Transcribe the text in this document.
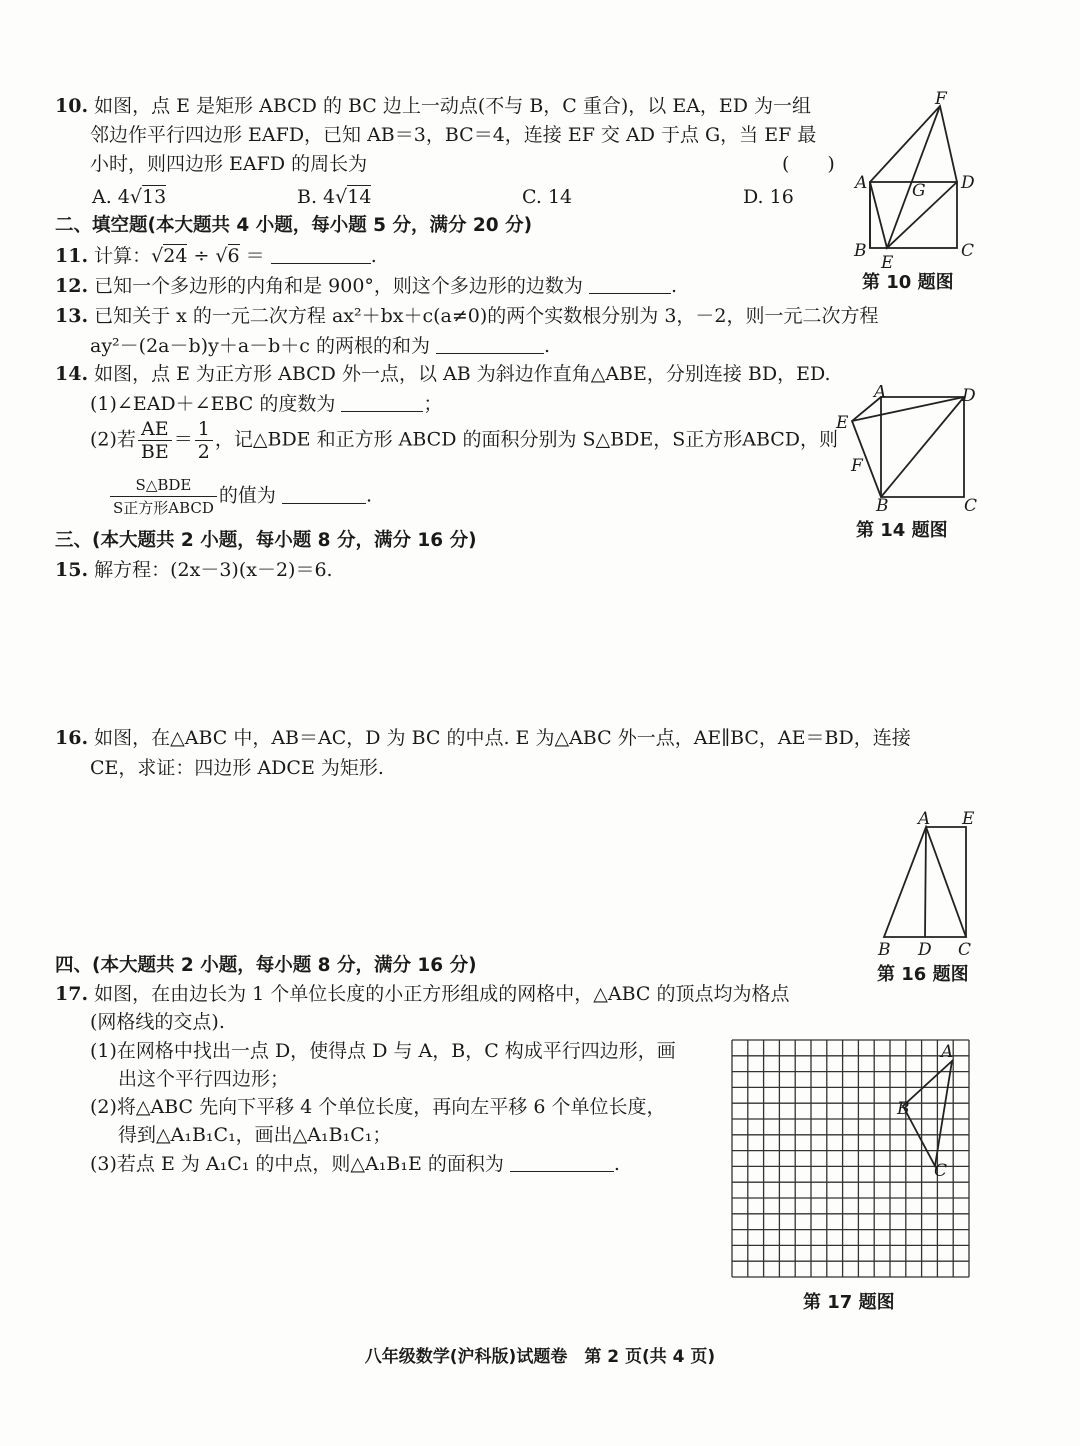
10. 如图，点 E 是矩形 ABCD 的 BC 边上一动点(不与 B，C 重合)，以 EA，ED 为一组
邻边作平行四边形 EAFD，已知 AB＝3，BC＝4，连接 EF 交 AD 于点 G，当 EF 最
小时，则四边形 EAFD 的周长为	(　　)
A. 4√13	B. 4√14	C. 14	D. 16
F
A	D
G
B
E
C
第 10 题图
二、填空题(本大题共 4 小题，每小题 5 分，满分 20 分)
11. 计算：√24 ÷ √6 ＝	.
12. 已知一个多边形的内角和是 900°，则这个多边形的边数为	.
13. 已知关于 x 的一元二次方程 ax²＋bx＋c(a≠0)的两个实数根分别为 3，－2，则一元二次方程
ay²－(2a－b)y＋a－b＋c 的两根的和为	.
14. 如图，点 E 为正方形 ABCD 外一点，以 AB 为斜边作直角△ABE，分别连接 BD，ED.
(1)∠EAD＋∠EBC 的度数为	；
(2)若 $\frac{AE}{BE} = \frac{1}{2}$ ，记△BDE 和正方形 ABCD 的面积分别为 S△BDE，S正方形ABCD，则
$\frac{\text{S△BDE}}{\text{S正方形ABCD}}$ 的值为	.
A	D
E
F
B	C
第 14 题图
三、(本大题共 2 小题，每小题 8 分，满分 16 分)
15. 解方程：(2x－3)(x－2)＝6.
16. 如图，在△ABC 中，AB＝AC，D 为 BC 的中点. E 为△ABC 外一点，AE∥BC，AE＝BD，连接
CE，求证：四边形 ADCE 为矩形.
A E
B D C
第 16 题图
四、(本大题共 2 小题，每小题 8 分，满分 16 分)
17. 如图，在由边长为 1 个单位长度的小正方形组成的网格中，△ABC 的顶点均为格点
(网格线的交点).
(1)在网格中找出一点 D，使得点 D 与 A，B，C 构成平行四边形，画
出这个平行四边形；
(2)将△ABC 先向下平移 4 个单位长度，再向左平移 6 个单位长度，
得到△A₁B₁C₁，画出△A₁B₁C₁；
(3)若点 E 为 A₁C₁ 的中点，则△A₁B₁E 的面积为	.
A
B
C
第 17 题图
八年级数学(沪科版)试题卷　第 2 页(共 4 页)
